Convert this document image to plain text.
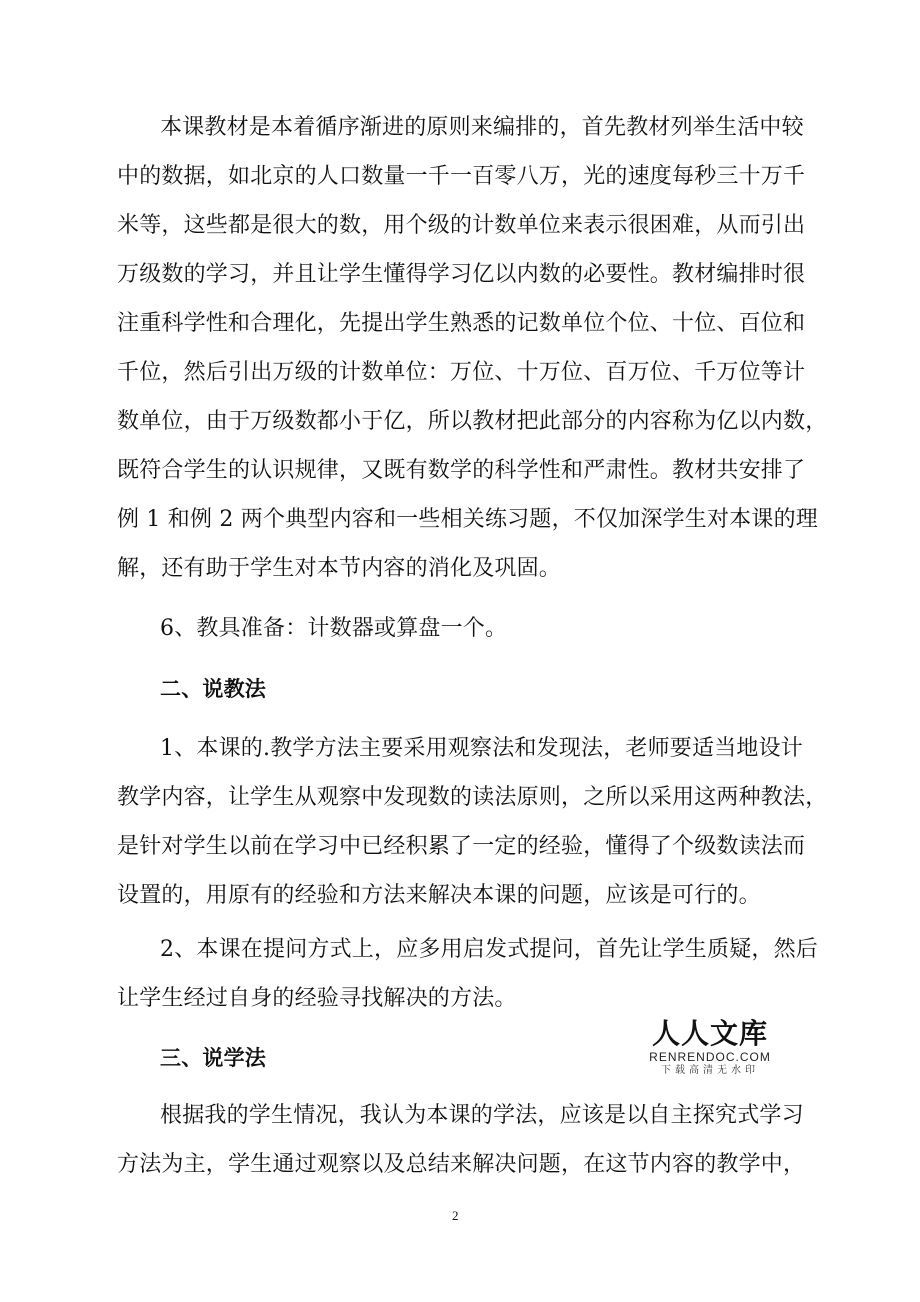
本课教材是本着循序渐进的原则来编排的，首先教材列举生活中较
中的数据，如北京的人口数量一千一百零八万，光的速度每秒三十万千
米等，这些都是很大的数，用个级的计数单位来表示很困难，从而引出
万级数的学习，并且让学生懂得学习亿以内数的必要性。教材编排时很
注重科学性和合理化，先提出学生熟悉的记数单位个位、十位、百位和
千位，然后引出万级的计数单位：万位、十万位、百万位、千万位等计
数单位，由于万级数都小于亿，所以教材把此部分的内容称为亿以内数，
既符合学生的认识规律，又既有数学的科学性和严肃性。教材共安排了
例 1 和例 2 两个典型内容和一些相关练习题，不仅加深学生对本课的理
解，还有助于学生对本节内容的消化及巩固。
6、教具准备：计数器或算盘一个。
二、说教法
1、本课的.教学方法主要采用观察法和发现法，老师要适当地设计
教学内容，让学生从观察中发现数的读法原则，之所以采用这两种教法，
是针对学生以前在学习中已经积累了一定的经验，懂得了个级数读法而
设置的，用原有的经验和方法来解决本课的问题，应该是可行的。
2、本课在提问方式上，应多用启发式提问，首先让学生质疑，然后
让学生经过自身的经验寻找解决的方法。
三、说学法
根据我的学生情况，我认为本课的学法，应该是以自主探究式学习
方法为主，学生通过观察以及总结来解决问题，在这节内容的教学中，
人人文库
RENRENDOC.COM
下载高清无水印
2
